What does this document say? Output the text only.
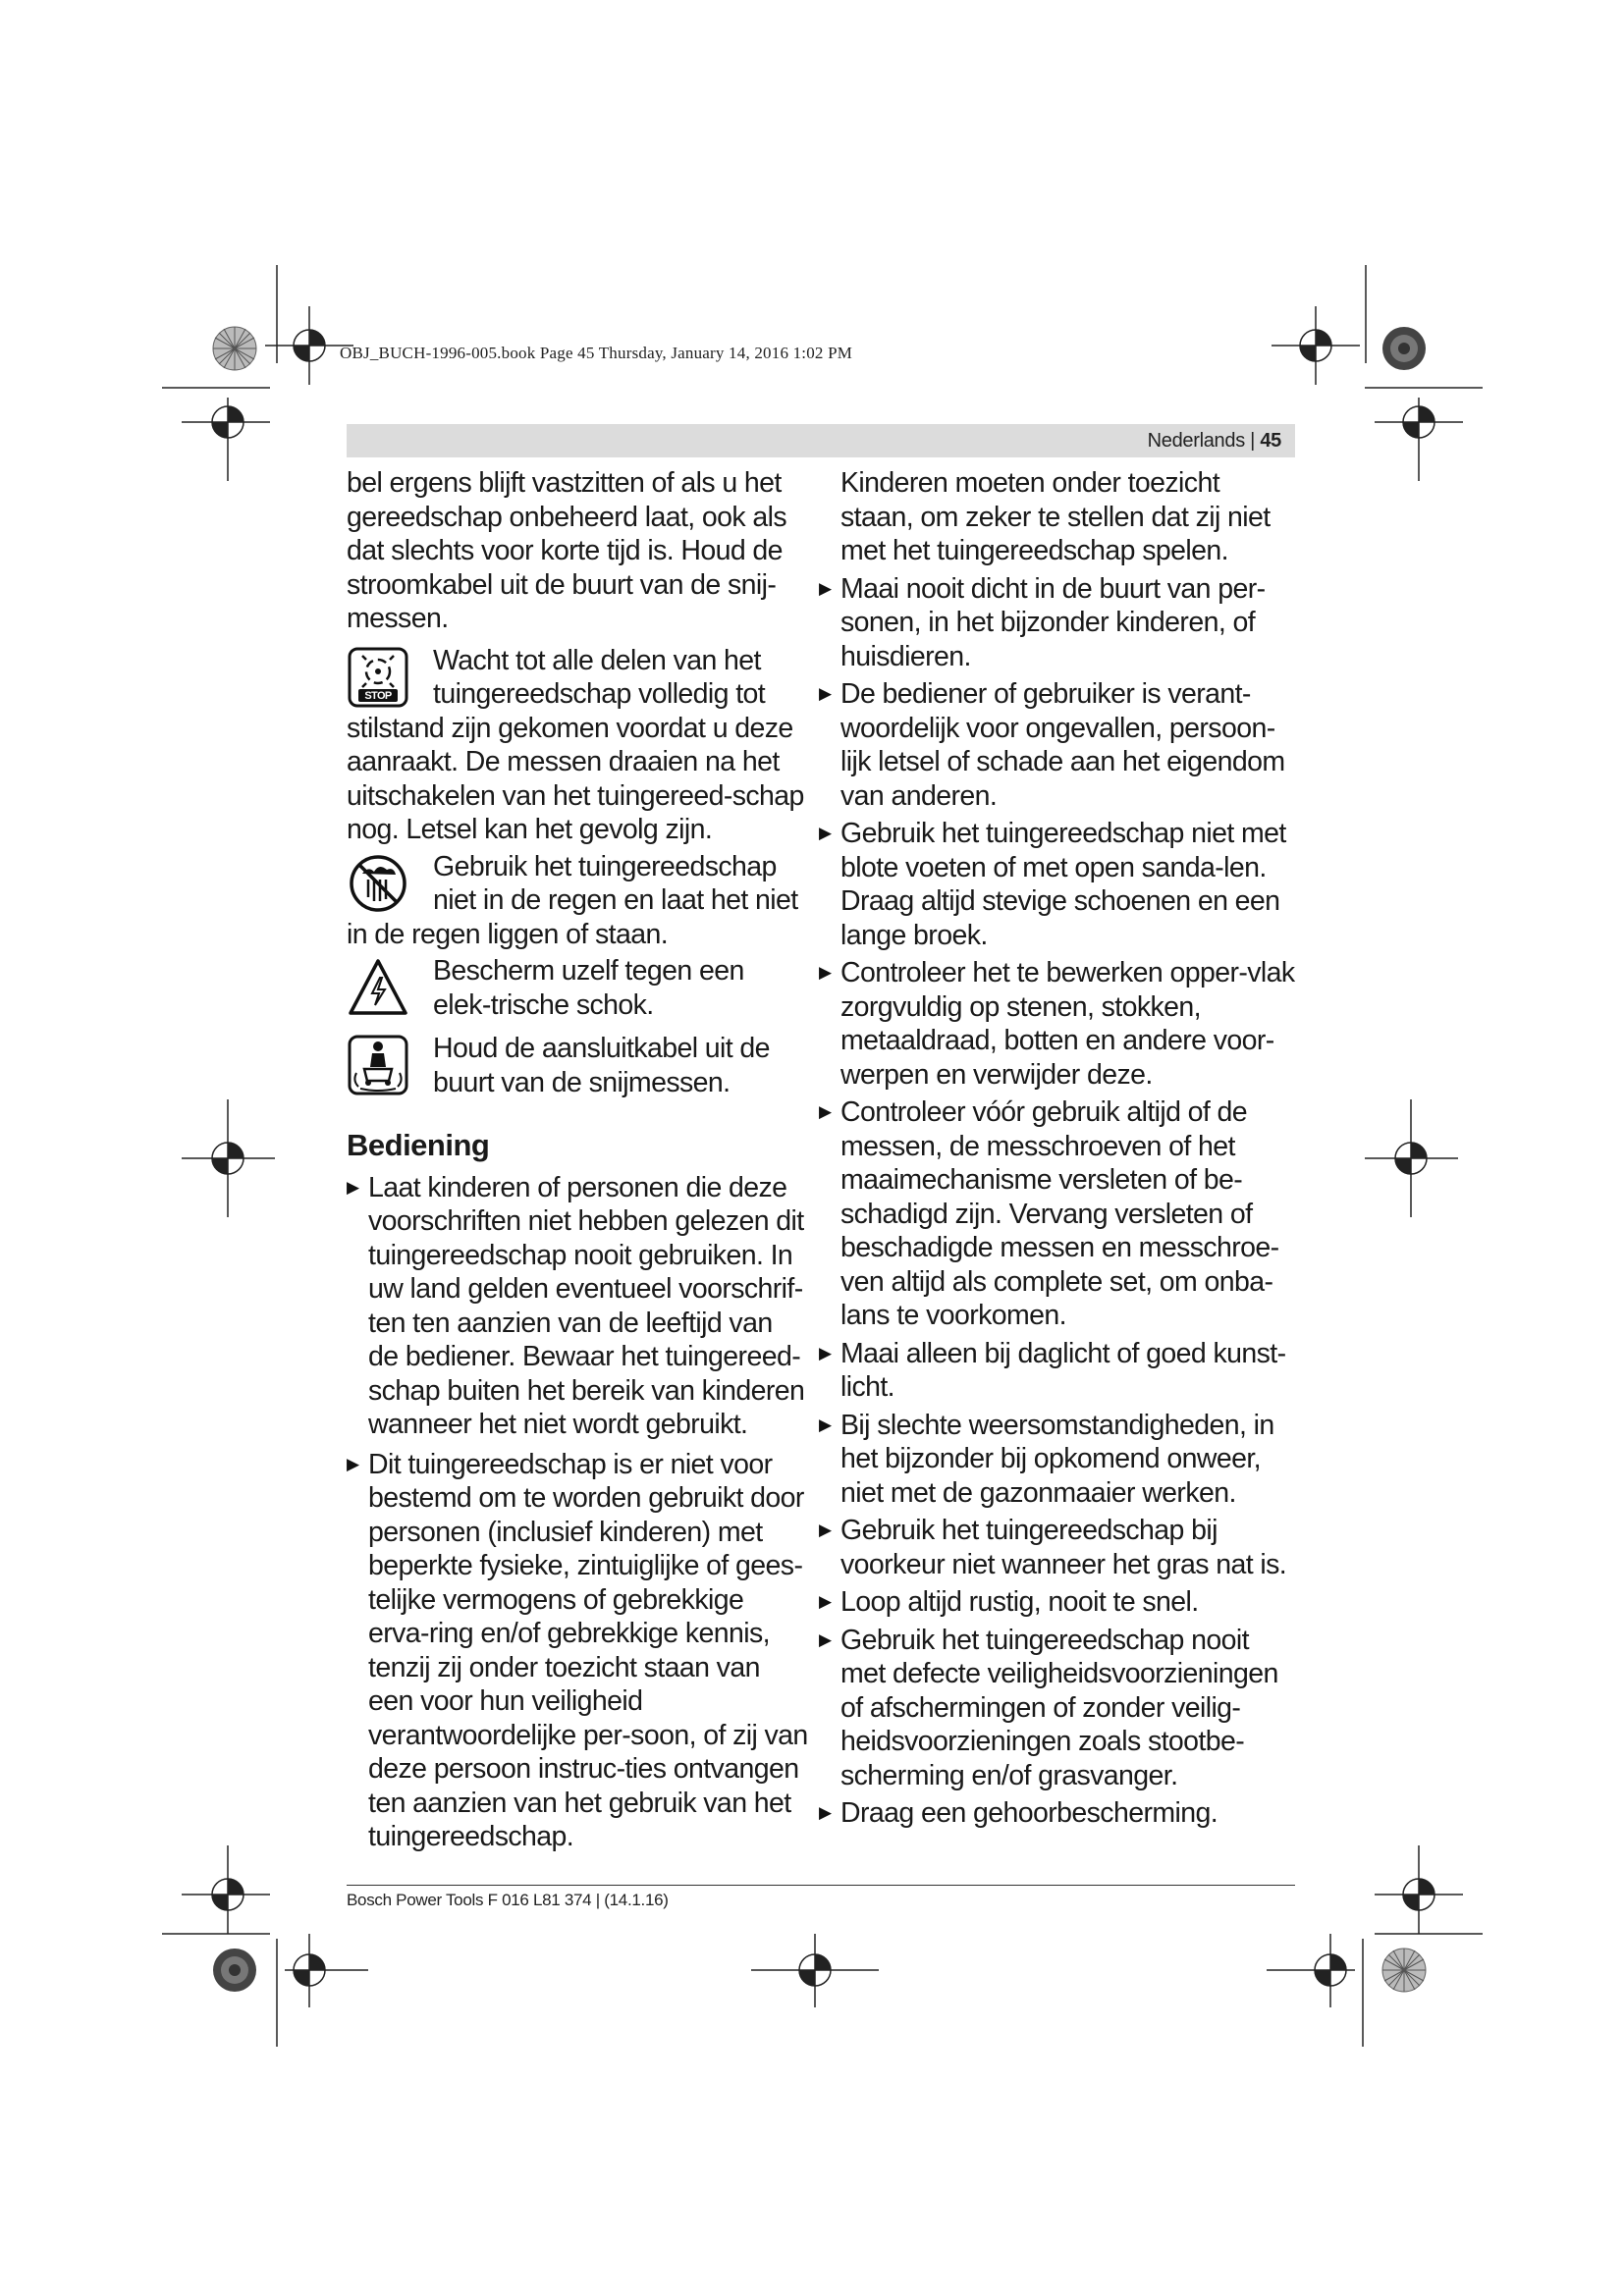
OBJ_BUCH-1996-005.book Page 45 Thursday, January 14, 2016 1:02 PM
Nederlands | 45

bel ergens blijft vastzitten of als u het gereedschap onbeheerd laat, ook als dat slechts voor korte tijd is. Houd de stroomkabel uit de buurt van de snij-messen.

STOP

Wacht tot alle delen van het tuingereedschap volledig tot stilstand zijn gekomen voordat u deze aanraakt. De messen draaien na het uitschakelen van het tuingereed-schap nog. Letsel kan het gevolg zijn.

Gebruik het tuingereedschap niet in de regen en laat het niet in de regen liggen of staan.

Bescherm uzelf tegen een elek-trische schok.

Houd de aansluitkabel uit de buurt van de snijmessen.

Bediening
▶ Laat kinderen of personen die deze voorschriften niet hebben gelezen dit tuingereedschap nooit gebruiken. In uw land gelden eventueel voorschrif-ten ten aanzien van de leeftijd van de bediener. Bewaar het tuingereed-schap buiten het bereik van kinderen wanneer het niet wordt gebruikt.
▶ Dit tuingereedschap is er niet voor bestemd om te worden gebruikt door personen (inclusief kinderen) met beperkte fysieke, zintuiglijke of gees-telijke vermogens of gebrekkige erva-ring en/of gebrekkige kennis, tenzij zij onder toezicht staan van een voor hun veiligheid verantwoordelijke per-soon, of zij van deze persoon instruc-ties ontvangen ten aanzien van het gebruik van het tuingereedschap.

Kinderen moeten onder toezicht staan, om zeker te stellen dat zij niet met het tuingereedschap spelen.

▶ Maai nooit dicht in de buurt van per-sonen, in het bijzonder kinderen, of huisdieren.
▶ De bediener of gebruiker is verant-woordelijk voor ongevallen, persoon-lijk letsel of schade aan het eigendom van anderen.
▶ Gebruik het tuingereedschap niet met blote voeten of met open sanda-len. Draag altijd stevige schoenen en een lange broek.
▶ Controleer het te bewerken opper-vlak zorgvuldig op stenen, stokken, metaaldraad, botten en andere voor-werpen en verwijder deze.
▶ Controleer vóór gebruik altijd of de messen, de messchroeven of het maaimechanisme versleten of be-schadigd zijn. Vervang versleten of beschadigde messen en messchroe-ven altijd als complete set, om onba-lans te voorkomen.
▶ Maai alleen bij daglicht of goed kunst-licht.
▶ Bij slechte weersomstandigheden, in het bijzonder bij opkomend onweer, niet met de gazonmaaier werken.
▶ Gebruik het tuingereedschap bij voorkeur niet wanneer het gras nat is.
▶ Loop altijd rustig, nooit te snel.
▶ Gebruik het tuingereedschap nooit met defecte veiligheidsvoorzieningen of afschermingen of zonder veilig-heidsvoorzieningen zoals stootbe-scherming en/of grasvanger.
▶ Draag een gehoorbescherming.
Bosch Power Tools F 016 L81 374 | (14.1.16)
